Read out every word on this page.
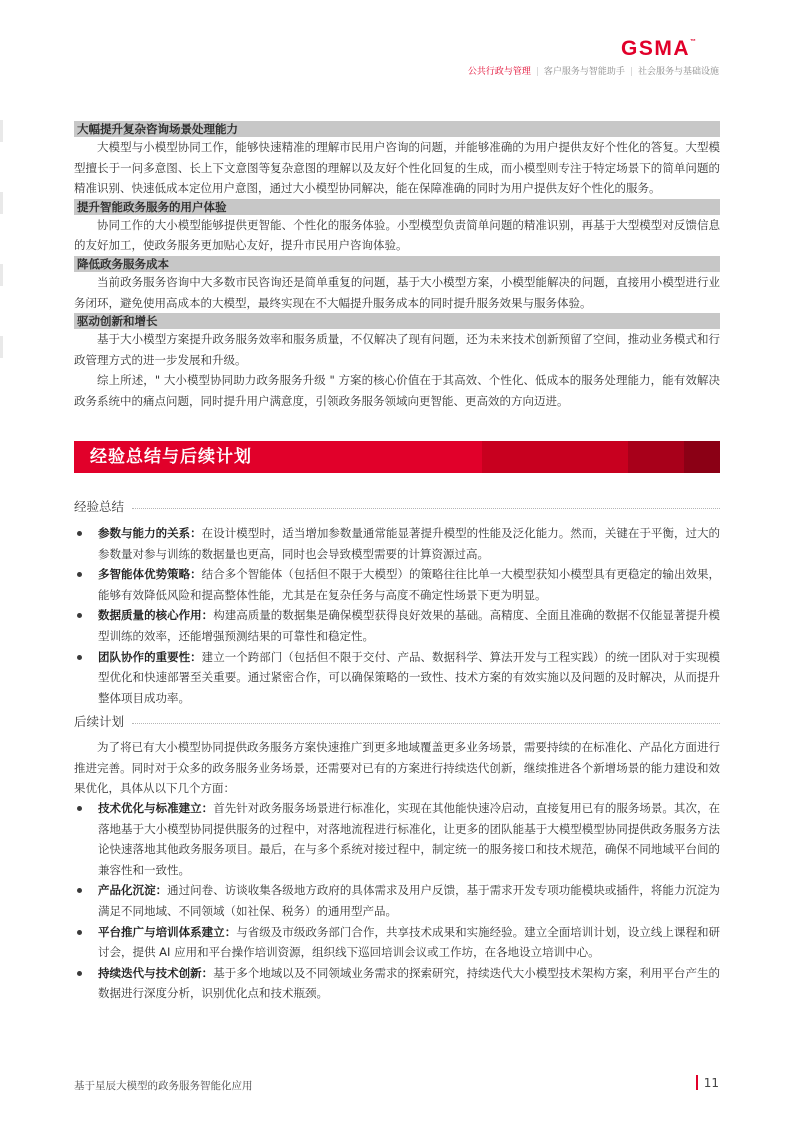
GSMA™
公共行政与管理 | 客户服务与智能助手 | 社会服务与基础设施
大幅提升复杂咨询场景处理能力

大模型与小模型协同工作，能够快速精准的理解市民用户咨询的问题，并能够准确的为用户提供友好个性化的答复。大型模型擅长于一问多意图、长上下文意图等复杂意图的理解以及友好个性化回复的生成，而小模型则专注于特定场景下的简单问题的精准识别、快速低成本定位用户意图，通过大小模型协同解决，能在保障准确的同时为用户提供友好个性化的服务。

提升智能政务服务的用户体验

协同工作的大小模型能够提供更智能、个性化的服务体验。小型模型负责简单问题的精准识别，再基于大型模型对反馈信息的友好加工，使政务服务更加贴心友好，提升市民用户咨询体验。

降低政务服务成本

当前政务服务咨询中大多数市民咨询还是简单重复的问题，基于大小模型方案，小模型能解决的问题，直接用小模型进行业务闭环，避免使用高成本的大模型，最终实现在不大幅提升服务成本的同时提升服务效果与服务体验。

驱动创新和增长

基于大小模型方案提升政务服务效率和服务质量，不仅解决了现有问题，还为未来技术创新预留了空间，推动业务模式和行政管理方式的进一步发展和升级。

综上所述，" 大小模型协同助力政务服务升级 " 方案的核心价值在于其高效、个性化、低成本的服务处理能力，能有效解决政务系统中的痛点问题，同时提升用户满意度，引领政务服务领域向更智能、更高效的方向迈进。

经验总结与后续计划
经验总结
参数与能力的关系：在设计模型时，适当增加参数量通常能显著提升模型的性能及泛化能力。然而，关键在于平衡，过大的参数量对参与训练的数据量也更高，同时也会导致模型需要的计算资源过高。
多智能体优势策略：结合多个智能体（包括但不限于大模型）的策略往往比单一大模型获知小模型具有更稳定的输出效果，能够有效降低风险和提高整体性能，尤其是在复杂任务与高度不确定性场景下更为明显。
数据质量的核心作用：构建高质量的数据集是确保模型获得良好效果的基础。高精度、全面且准确的数据不仅能显著提升模型训练的效率，还能增强预测结果的可靠性和稳定性。
团队协作的重要性：建立一个跨部门（包括但不限于交付、产品、数据科学、算法开发与工程实践）的统一团队对于实现模型优化和快速部署至关重要。通过紧密合作，可以确保策略的一致性、技术方案的有效实施以及问题的及时解决，从而提升整体项目成功率。
后续计划

为了将已有大小模型协同提供政务服务方案快速推广到更多地域覆盖更多业务场景，需要持续的在标准化、产品化方面进行推进完善。同时对于众多的政务服务业务场景，还需要对已有的方案进行持续迭代创新，继续推进各个新增场景的能力建设和效果优化，具体从以下几个方面：

技术优化与标准建立：首先针对政务服务场景进行标准化，实现在其他能快速冷启动，直接复用已有的服务场景。其次，在落地基于大小模型协同提供服务的过程中，对落地流程进行标准化，让更多的团队能基于大模型模型协同提供政务服务方法论快速落地其他政务服务项目。最后，在与多个系统对接过程中，制定统一的服务接口和技术规范，确保不同地域平台间的兼容性和一致性。
产品化沉淀：通过问卷、访谈收集各级地方政府的具体需求及用户反馈，基于需求开发专项功能模块或插件，将能力沉淀为满足不同地域、不同领域（如社保、税务）的通用型产品。
平台推广与培训体系建立：与省级及市级政务部门合作，共享技术成果和实施经验。建立全面培训计划，设立线上课程和研讨会，提供 AI 应用和平台操作培训资源，组织线下巡回培训会议或工作坊，在各地设立培训中心。
持续迭代与技术创新：基于多个地域以及不同领域业务需求的探索研究，持续迭代大小模型技术架构方案，利用平台产生的数据进行深度分析，识别优化点和技术瓶颈。
基于星辰大模型的政务服务智能化应用	11
